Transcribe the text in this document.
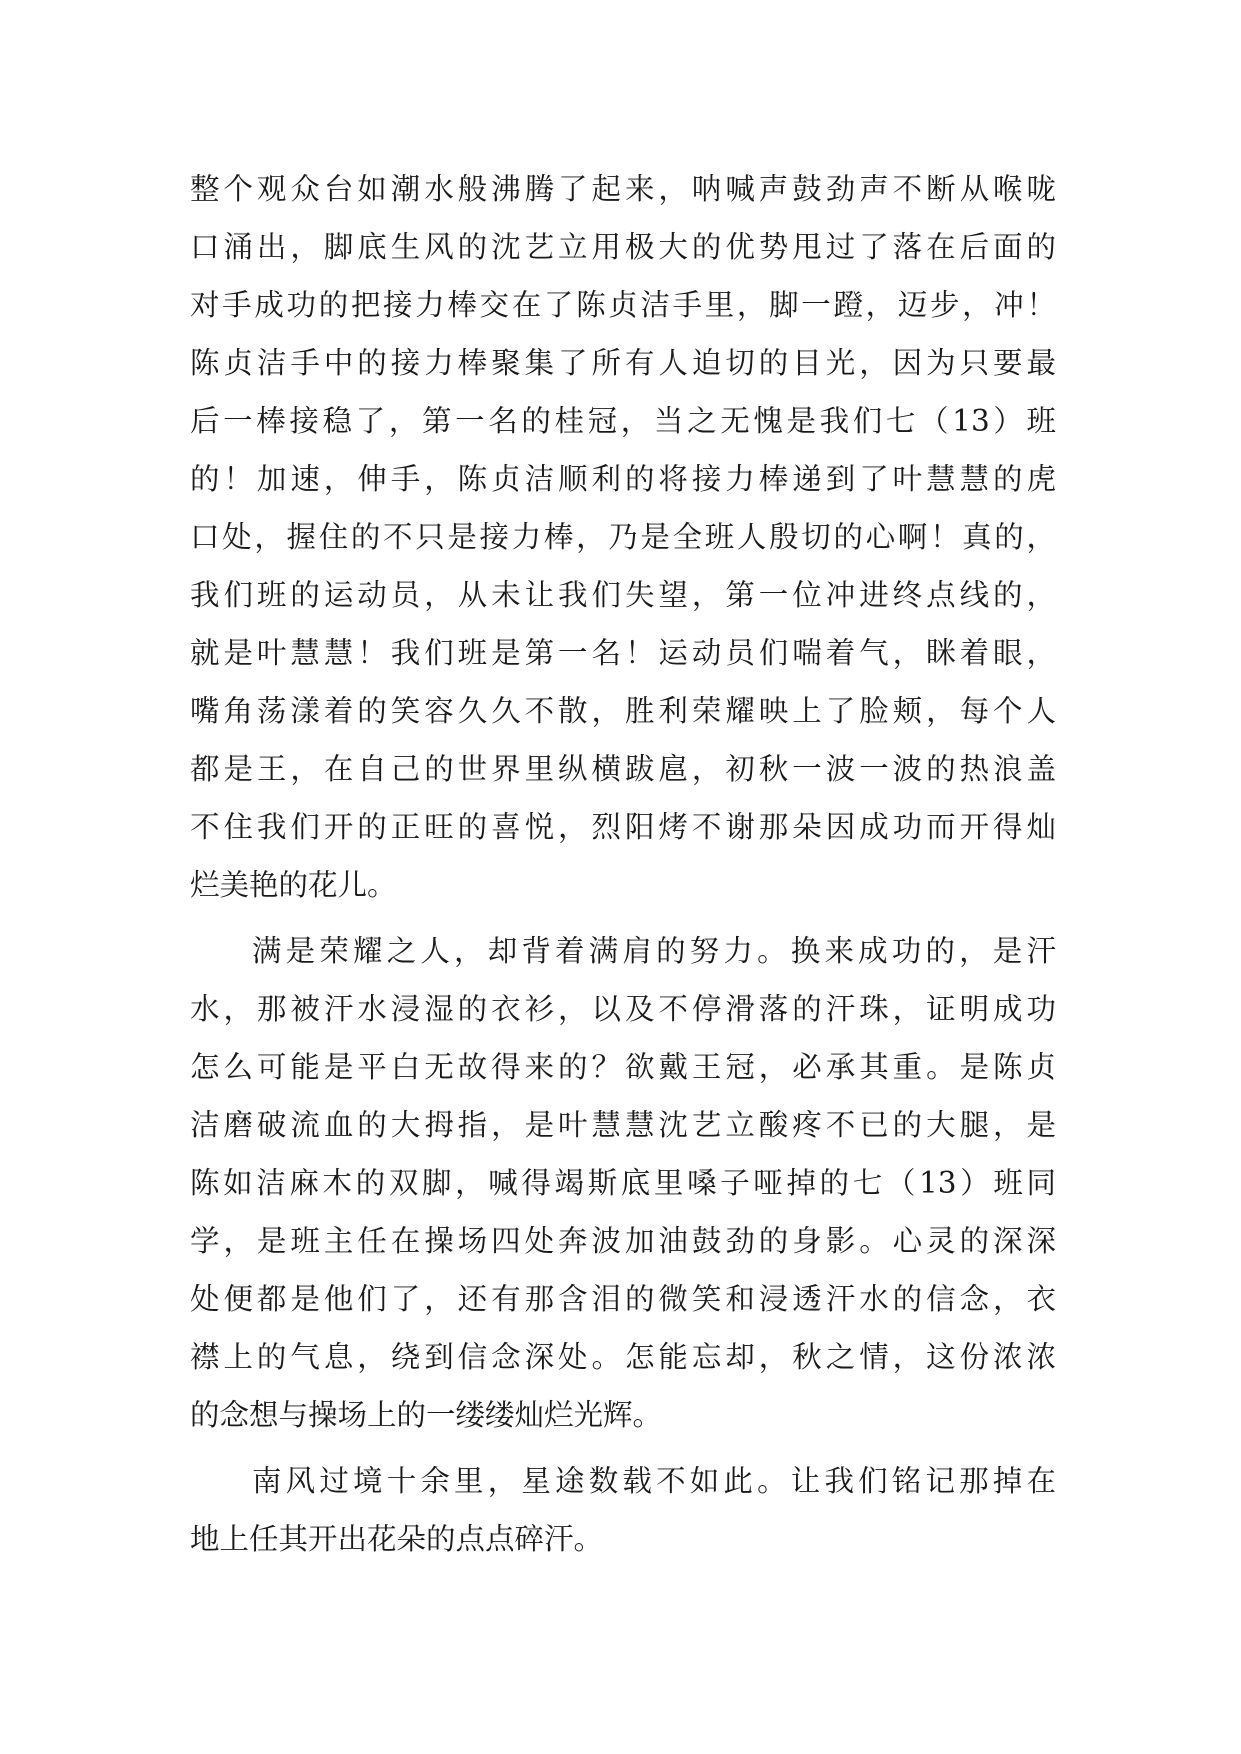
整个观众台如潮水般沸腾了起来，呐喊声鼓劲声不断从喉咙
口涌出，脚底生风的沈艺立用极大的优势甩过了落在后面的
对手成功的把接力棒交在了陈贞洁手里，脚一蹬，迈步，冲！
陈贞洁手中的接力棒聚集了所有人迫切的目光，因为只要最
后一棒接稳了，第一名的桂冠，当之无愧是我们七（13）班
的！加速，伸手，陈贞洁顺利的将接力棒递到了叶慧慧的虎
口处，握住的不只是接力棒，乃是全班人殷切的心啊！真的，
我们班的运动员，从未让我们失望，第一位冲进终点线的，
就是叶慧慧！我们班是第一名！运动员们喘着气，眯着眼，
嘴角荡漾着的笑容久久不散，胜利荣耀映上了脸颊，每个人
都是王，在自己的世界里纵横跋扈，初秋一波一波的热浪盖
不住我们开的正旺的喜悦，烈阳烤不谢那朵因成功而开得灿
烂美艳的花儿。
满是荣耀之人，却背着满肩的努力。换来成功的，是汗
水，那被汗水浸湿的衣衫，以及不停滑落的汗珠，证明成功
怎么可能是平白无故得来的？欲戴王冠，必承其重。是陈贞
洁磨破流血的大拇指，是叶慧慧沈艺立酸疼不已的大腿，是
陈如洁麻木的双脚，喊得竭斯底里嗓子哑掉的七（13）班同
学，是班主任在操场四处奔波加油鼓劲的身影。心灵的深深
处便都是他们了，还有那含泪的微笑和浸透汗水的信念，衣
襟上的气息，绕到信念深处。怎能忘却，秋之情，这份浓浓
的念想与操场上的一缕缕灿烂光辉。
南风过境十余里，星途数载不如此。让我们铭记那掉在
地上任其开出花朵的点点碎汗。
